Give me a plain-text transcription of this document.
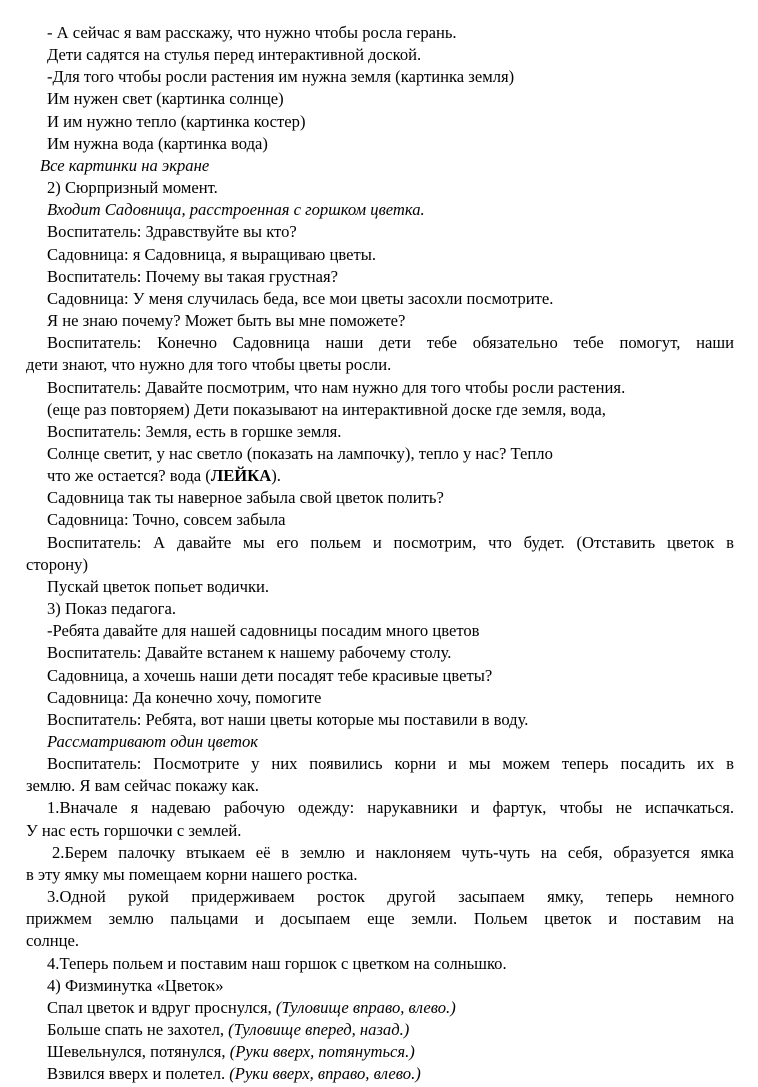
- А сейчас я вам расскажу, что нужно чтобы росла герань.

Дети садятся на стулья перед интерактивной доской.

-Для того чтобы росли растения им нужна земля (картинка земля)

Им нужен свет (картинка солнце)

И им нужно тепло (картинка костер)

Им нужна вода (картинка вода)

Все картинки на экране

2) Сюрпризный момент.

Входит Садовница, расстроенная с горшком цветка.

Воспитатель: Здравствуйте вы кто?

Садовница: я Садовница, я выращиваю цветы.

Воспитатель: Почему вы такая грустная?

Садовница: У меня случилась беда, все мои цветы засохли посмотрите.

Я не знаю почему? Может быть вы мне поможете?

Воспитатель: Конечно Садовница наши дети тебе обязательно тебе помогут, наши

дети знают, что нужно для того чтобы цветы росли.

Воспитатель: Давайте посмотрим, что нам нужно для того чтобы росли растения.

(еще раз повторяем) Дети показывают на интерактивной доске где земля, вода,

Воспитатель: Земля, есть в горшке земля.

Солнце светит, у нас светло (показать на лампочку), тепло у нас? Тепло

что же остается? вода (ЛЕЙКА).

Садовница так ты наверное забыла свой цветок полить?

Садовница: Точно, совсем забыла

Воспитатель: А давайте мы его польем и посмотрим, что будет. (Отставить цветок в

сторону)

Пускай цветок попьет водички.

3) Показ педагога.

-Ребята давайте для нашей садовницы посадим много цветов

Воспитатель: Давайте встанем к нашему рабочему столу.

Садовница, а хочешь наши дети посадят тебе красивые цветы?

Садовница: Да конечно хочу, помогите

Воспитатель: Ребята, вот наши цветы которые мы поставили в воду.

Рассматривают один цветок

Воспитатель: Посмотрите у них появились корни и мы можем теперь посадить их в

землю. Я вам сейчас покажу как.

1.Вначале я надеваю рабочую одежду: нарукавники и фартук, чтобы не испачкаться.

У нас есть горшочки с землей.

2.Берем палочку втыкаем её в землю и наклоняем чуть-чуть на себя, образуется ямка

в эту ямку мы помещаем корни нашего ростка.

3.Одной рукой придерживаем росток другой засыпаем ямку, теперь немного

прижмем землю пальцами и досыпаем еще земли. Польем цветок и поставим на

солнце.

4.Теперь польем и поставим наш горшок с цветком на солньшко.

4) Физминутка «Цветок»

Спал цветок и вдруг проснулся, (Туловище вправо, влево.)

Больше спать не захотел, (Туловище вперед, назад.)

Шевельнулся, потянулся, (Руки вверх, потянуться.)

Взвился вверх и полетел. (Руки вверх, вправо, влево.)
